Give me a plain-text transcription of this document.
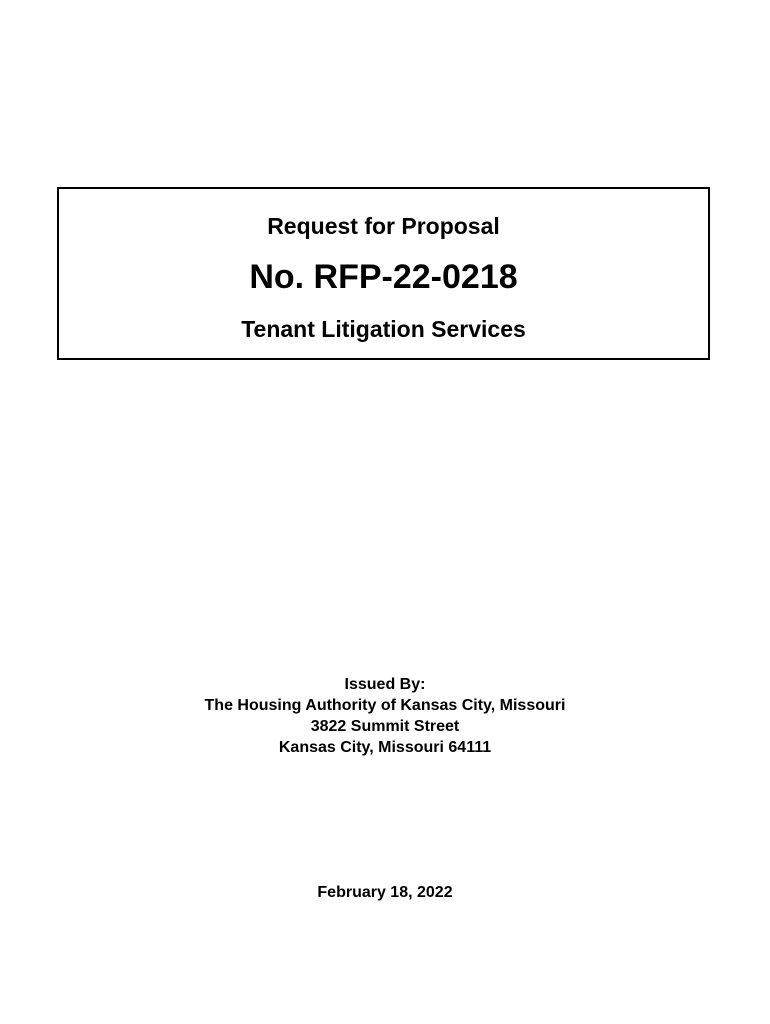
Request for Proposal
No. RFP-22-0218
Tenant Litigation Services
Issued By:
The Housing Authority of Kansas City, Missouri
3822 Summit Street
Kansas City, Missouri 64111
February 18, 2022
